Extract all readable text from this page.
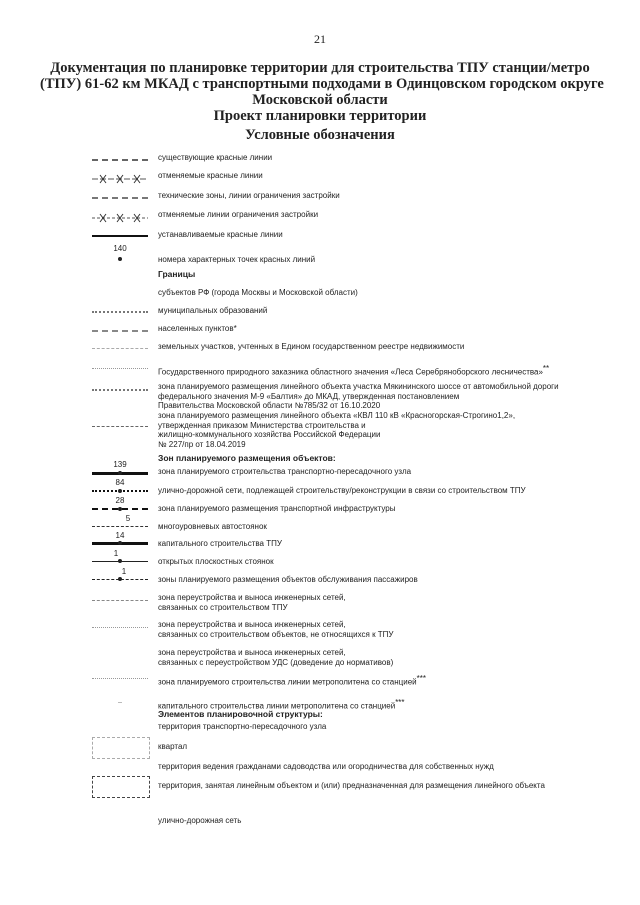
21
Документация по планировке территории для строительства ТПУ станции/метро
(ТПУ) 61-62 км МКАД с транспортными подходами в Одинцовском городском округе
Московской области
Проект планировки территории
Условные обозначения
существующие красные линии
отменяемые красные линии
технические зоны, линии ограничения застройки
отменяемые линии ограничения застройки
устанавливаемые красные линии
140
номера характерных точек красных линий
Границы
субъектов РФ (города Москвы и Московской области)
муниципальных образований
населенных пунктов*
земельных участков, учтенных в Едином государственном реестре недвижимости
Государственного природного заказника областного значения «Леса Серебряноборского лесничества»**
зона планируемого размещения линейного объекта участка Мякининского шоссе от автомобильной дороги
федерального значения М-9 «Балтия» до МКАД, утвержденная постановлением
Правительства Московской области №785/32 от 16.10.2020
зона планируемого размещения линейного объекта «КВЛ 110 кВ «Красногорская-Строгино1,2»,
утвержденная приказом Министерства строительства и
жилищно-коммунального хозяйства Российской Федерации
№ 227/пр от 18.04.2019
Зон планируемого размещения объектов:
139
зона планируемого строительства транспортно-пересадочного узла
84
улично-дорожной сети, подлежащей строительству/реконструкции в связи со строительством ТПУ
28
зона планируемого размещения транспортной инфраструктуры
5
многоуровневых автостоянок
14
капитального строительства ТПУ
1
открытых плоскостных стоянок
1
зоны планируемого размещения объектов обслуживания пассажиров
зона переустройства и выноса инженерных сетей,
связанных со строительством ТПУ
зона переустройства и выноса инженерных сетей,
связанных со строительством объектов, не относящихся к ТПУ
зона переустройства и выноса инженерных сетей,
связанных с переустройством УДС (доведение до нормативов)
зона планируемого строительства линии метрополитена со станцией***
капитального строительства линии метрополитена со станцией***
Элементов планировочной структуры:
территория транспортно-пересадочного узла
квартал
территория ведения гражданами садоводства или огородничества для собственных нужд
территория, занятая линейным объектом и (или) предназначенная для размещения линейного объекта
улично-дорожная сеть
